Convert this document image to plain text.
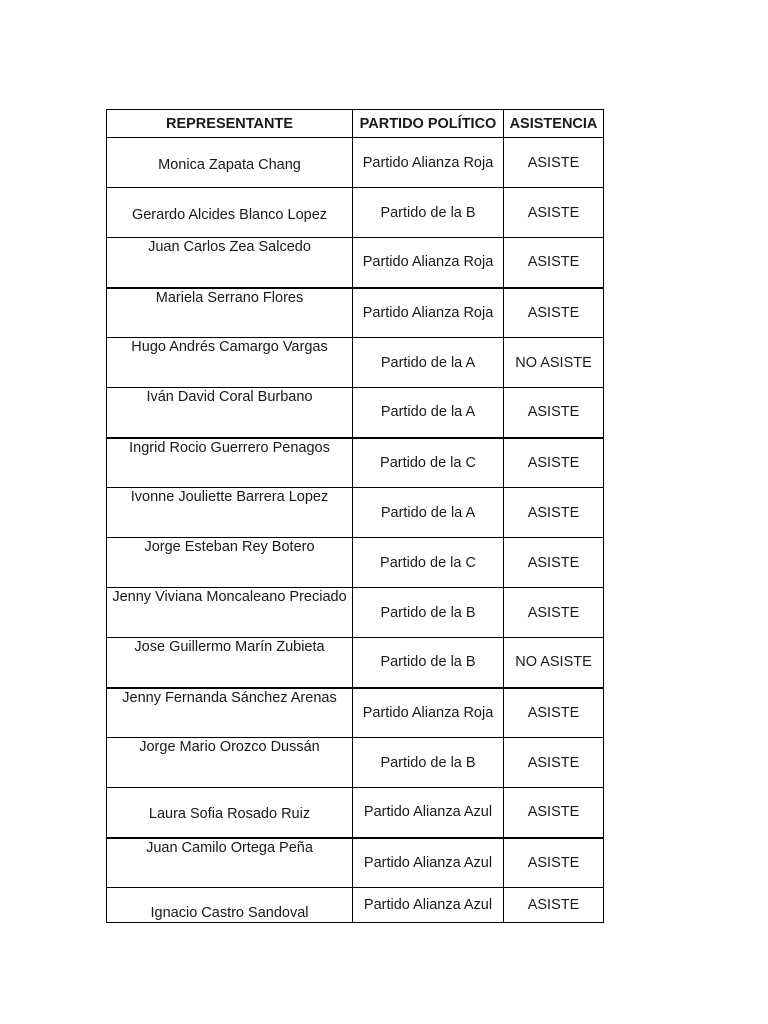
REPRESENTANTE	PARTIDO POLÍTICO	ASISTENCIA
Monica Zapata Chang	Partido Alianza Roja	ASISTE
Gerardo Alcides Blanco Lopez	Partido de la B	ASISTE
Juan Carlos Zea Salcedo	Partido Alianza Roja	ASISTE
Mariela Serrano Flores	Partido Alianza Roja	ASISTE
Hugo Andrés Camargo Vargas	Partido de la A	NO ASISTE
Iván David Coral Burbano	Partido de la A	ASISTE
Ingrid Rocio Guerrero Penagos	Partido de la C	ASISTE
Ivonne Jouliette Barrera Lopez	Partido de la A	ASISTE
Jorge Esteban Rey Botero	Partido de la C	ASISTE
Jenny Viviana Moncaleano Preciado	Partido de la B	ASISTE
Jose Guillermo Marín Zubieta	Partido de la B	NO ASISTE
Jenny Fernanda Sánchez Arenas	Partido Alianza Roja	ASISTE
Jorge Mario Orozco Dussán	Partido de la B	ASISTE
Laura Sofia Rosado Ruiz	Partido Alianza Azul	ASISTE
Juan Camilo Ortega Peña	Partido Alianza Azul	ASISTE
Ignacio Castro Sandoval	Partido Alianza Azul	ASISTE
